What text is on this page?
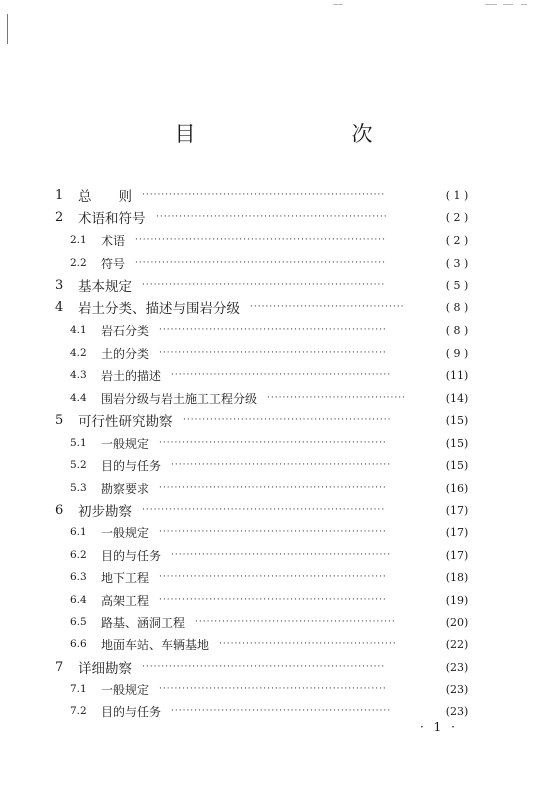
目　　次
1 总　　则 ·······························································	( 1 )
2 术语和符号 ····························································	( 2 )
2.1 术语 ·································································	( 2 )
2.2 符号 ·································································	( 3 )
3 基本规定 ·······························································	( 5 )
4 岩土分类、描述与围岩分级 ········································	( 8 )
4.1 岩石分类 ···························································	( 8 )
4.2 土的分类 ···························································	( 9 )
4.3 岩土的描述 ·························································	(11)
4.4 围岩分级与岩土施工工程分级 ····································	(14)
5 可行性研究勘察 ······················································	(15)
5.1 一般规定 ···························································	(15)
5.2 目的与任务 ·························································	(15)
5.3 勘察要求 ···························································	(16)
6 初步勘察 ·······························································	(17)
6.1 一般规定 ···························································	(17)
6.2 目的与任务 ·························································	(17)
6.3 地下工程 ···························································	(18)
6.4 高架工程 ···························································	(19)
6.5 路基、涵洞工程 ····················································	(20)
6.6 地面车站、车辆基地 ··············································	(22)
7 详细勘察 ·······························································	(23)
7.1 一般规定 ···························································	(23)
7.2 目的与任务 ·························································	(23)
· 1 ·
